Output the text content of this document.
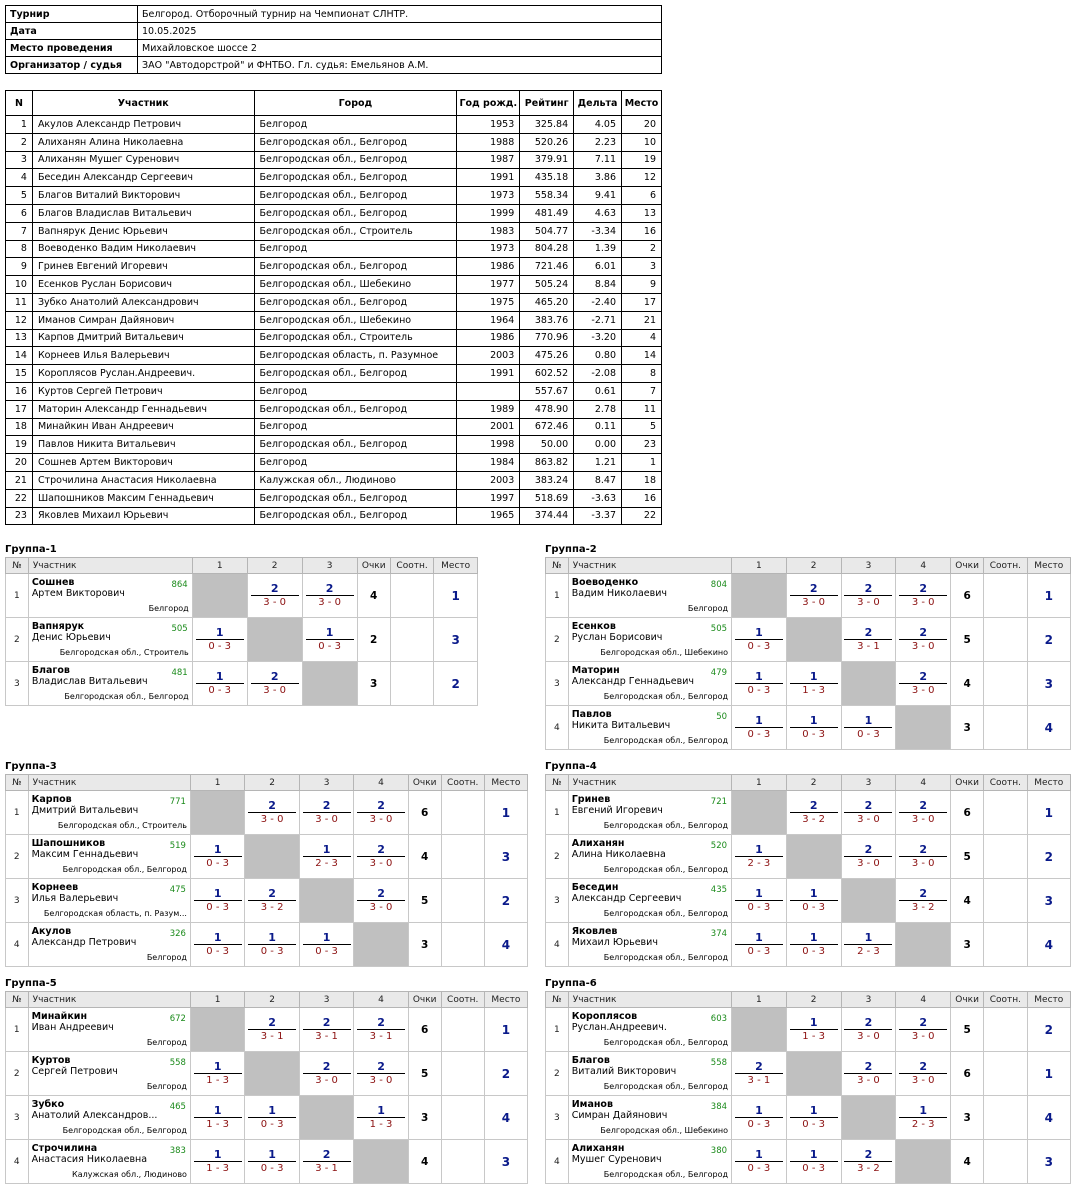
Турнир	Белгород. Отборочный турнир на Чемпионат СЛНТР.
Дата	10.05.2025
Место проведения	Михайловское шоссе 2
Организатор / судья	ЗАО "Автодорстрой" и ФНТБО. Гл. судья: Емельянов А.М.
N	Участник	Город	Год рожд.	Рейтинг	Дельта	Место
1	Акулов Александр Петрович	Белгород	1953	325.84	4.05	20
2	Алиханян Алина Николаевна	Белгородская обл., Белгород	1988	520.26	2.23	10
3	Алиханян Мушег Суренович	Белгородская обл., Белгород	1987	379.91	7.11	19
4	Беседин Александр Сергеевич	Белгородская обл., Белгород	1991	435.18	3.86	12
5	Благов Виталий Викторович	Белгородская обл., Белгород	1973	558.34	9.41	6
6	Благов Владислав Витальевич	Белгородская обл., Белгород	1999	481.49	4.63	13
7	Вапнярук Денис Юрьевич	Белгородская обл., Строитель	1983	504.77	-3.34	16
8	Воеводенко Вадим Николаевич	Белгород	1973	804.28	1.39	2
9	Гринев Евгений Игоревич	Белгородская обл., Белгород	1986	721.46	6.01	3
10	Есенков Руслан Борисович	Белгородская обл., Шебекино	1977	505.24	8.84	9
11	Зубко Анатолий Александрович	Белгородская обл., Белгород	1975	465.20	-2.40	17
12	Иманов Симран Дайянович	Белгородская обл., Шебекино	1964	383.76	-2.71	21
13	Карпов Дмитрий Витальевич	Белгородская обл., Строитель	1986	770.96	-3.20	4
14	Корнеев Илья Валерьевич	Белгородская область, п. Разумное	2003	475.26	0.80	14
15	Короплясов Руслан.Андреевич.	Белгородская обл., Белгород	1991	602.52	-2.08	8
16	Куртов Сергей Петрович	Белгород		557.67	0.61	7
17	Маторин Александр Геннадьевич	Белгородская обл., Белгород	1989	478.90	2.78	11
18	Минайкин Иван Андреевич	Белгород	2001	672.46	0.11	5
19	Павлов Никита Витальевич	Белгородская обл., Белгород	1998	50.00	0.00	23
20	Сошнев Артем Викторович	Белгород	1984	863.82	1.21	1
21	Строчилина Анастасия Николаевна	Калужская обл., Людиново	2003	383.24	8.47	18
22	Шапошников Максим Геннадьевич	Белгородская обл., Белгород	1997	518.69	-3.63	16
23	Яковлев Михаил Юрьевич	Белгородская обл., Белгород	1965	374.44	-3.37	22
Группа-1
№	Участник	1	2	3	Очки	Соотн.	Место
1	Сошнев
Артем Викторович
864
Белгород		$\frac{2}{3 - 0}$	$\frac{2}{3 - 0}$	4		1
2	Вапнярук
Денис Юрьевич
505
Белгородская обл., Строитель	$\frac{1}{0 - 3}$		$\frac{1}{0 - 3}$	2		3
3	Благов
Владислав Витальевич
481
Белгородская обл., Белгород	$\frac{1}{0 - 3}$	$\frac{2}{3 - 0}$		3		2
Группа-2
№	Участник	1	2	3	4	Очки	Соотн.	Место
1	Воеводенко
Вадим Николаевич
804
Белгород		$\frac{2}{3 - 0}$	$\frac{2}{3 - 0}$	$\frac{2}{3 - 0}$	6		1
2	Есенков
Руслан Борисович
505
Белгородская обл., Шебекино	$\frac{1}{0 - 3}$		$\frac{2}{3 - 1}$	$\frac{2}{3 - 0}$	5		2
3	Маторин
Александр Геннадьевич
479
Белгородская обл., Белгород	$\frac{1}{0 - 3}$	$\frac{1}{1 - 3}$		$\frac{2}{3 - 0}$	4		3
4	Павлов
Никита Витальевич
50
Белгородская обл., Белгород	$\frac{1}{0 - 3}$	$\frac{1}{0 - 3}$	$\frac{1}{0 - 3}$		3		4
Группа-3
№	Участник	1	2	3	4	Очки	Соотн.	Место
1	Карпов
Дмитрий Витальевич
771
Белгородская обл., Строитель		$\frac{2}{3 - 0}$	$\frac{2}{3 - 0}$	$\frac{2}{3 - 0}$	6		1
2	Шапошников
Максим Геннадьевич
519
Белгородская обл., Белгород	$\frac{1}{0 - 3}$		$\frac{1}{2 - 3}$	$\frac{2}{3 - 0}$	4		3
3	Корнеев
Илья Валерьевич
475
Белгородская область, п. Разум...	$\frac{1}{0 - 3}$	$\frac{2}{3 - 2}$		$\frac{2}{3 - 0}$	5		2
4	Акулов
Александр Петрович
326
Белгород	$\frac{1}{0 - 3}$	$\frac{1}{0 - 3}$	$\frac{1}{0 - 3}$		3		4
Группа-4
№	Участник	1	2	3	4	Очки	Соотн.	Место
1	Гринев
Евгений Игоревич
721
Белгородская обл., Белгород		$\frac{2}{3 - 2}$	$\frac{2}{3 - 0}$	$\frac{2}{3 - 0}$	6		1
2	Алиханян
Алина Николаевна
520
Белгородская обл., Белгород	$\frac{1}{2 - 3}$		$\frac{2}{3 - 0}$	$\frac{2}{3 - 0}$	5		2
3	Беседин
Александр Сергеевич
435
Белгородская обл., Белгород	$\frac{1}{0 - 3}$	$\frac{1}{0 - 3}$		$\frac{2}{3 - 2}$	4		3
4	Яковлев
Михаил Юрьевич
374
Белгородская обл., Белгород	$\frac{1}{0 - 3}$	$\frac{1}{0 - 3}$	$\frac{1}{2 - 3}$		3		4
Группа-5
№	Участник	1	2	3	4	Очки	Соотн.	Место
1	Минайкин
Иван Андреевич
672
Белгород		$\frac{2}{3 - 1}$	$\frac{2}{3 - 1}$	$\frac{2}{3 - 1}$	6		1
2	Куртов
Сергей Петрович
558
Белгород	$\frac{1}{1 - 3}$		$\frac{2}{3 - 0}$	$\frac{2}{3 - 0}$	5		2
3	Зубко
Анатолий Александров...
465
Белгородская обл., Белгород	$\frac{1}{1 - 3}$	$\frac{1}{0 - 3}$		$\frac{1}{1 - 3}$	3		4
4	Строчилина
Анастасия Николаевна
383
Калужская обл., Людиново	$\frac{1}{1 - 3}$	$\frac{1}{0 - 3}$	$\frac{2}{3 - 1}$		4		3
Группа-6
№	Участник	1	2	3	4	Очки	Соотн.	Место
1	Короплясов
Руслан.Андреевич.
603
Белгородская обл., Белгород		$\frac{1}{1 - 3}$	$\frac{2}{3 - 0}$	$\frac{2}{3 - 0}$	5		2
2	Благов
Виталий Викторович
558
Белгородская обл., Белгород	$\frac{2}{3 - 1}$		$\frac{2}{3 - 0}$	$\frac{2}{3 - 0}$	6		1
3	Иманов
Симран Дайянович
384
Белгородская обл., Шебекино	$\frac{1}{0 - 3}$	$\frac{1}{0 - 3}$		$\frac{1}{2 - 3}$	3		4
4	Алиханян
Мушег Суренович
380
Белгородская обл., Белгород	$\frac{1}{0 - 3}$	$\frac{1}{0 - 3}$	$\frac{2}{3 - 2}$		4		3
